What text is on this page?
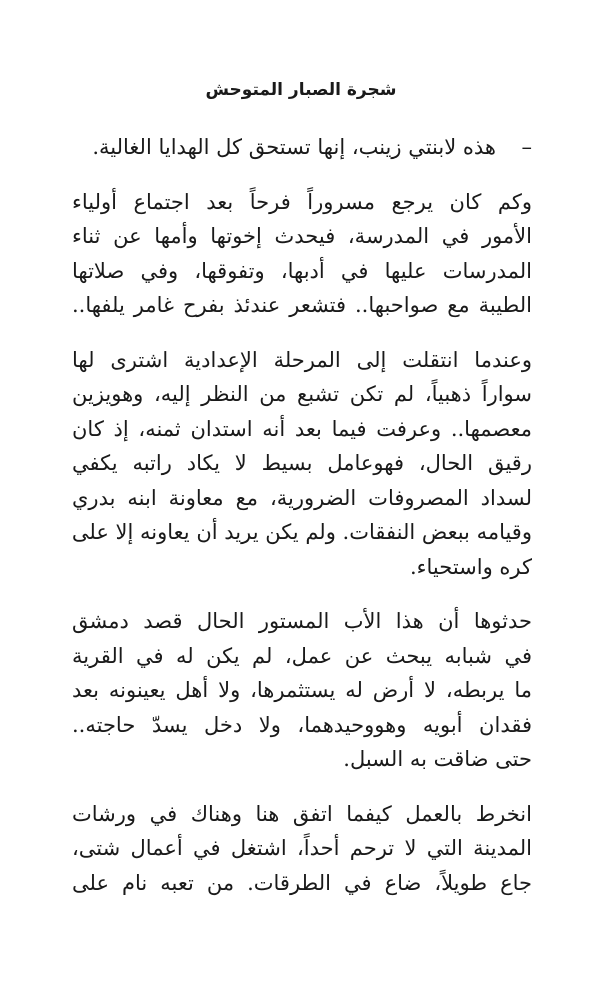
شجرة الصبار المتوحش
–هذه لابنتي زينب، إنها تستحق كل الهدايا الغالية.
وكم كان يرجع مسروراً فرحاً بعد اجتماع أولياء
الأمور في المدرسة، فيحدث إخوتها وأمها عن ثناء
المدرسات عليها في أدبها، وتفوقها، وفي صلاتها
الطيبة مع صواحبها.. فتشعر عندئذ بفرح غامر يلفها..
وعندما انتقلت إلى المرحلة الإعدادية اشترى لها
سواراً ذهبياً، لم تكن تشبع من النظر إليه، وهويزين
معصمها.. وعرفت فيما بعد أنه استدان ثمنه، إذ كان
رقيق الحال، فهوعامل بسيط لا يكاد راتبه يكفي
لسداد المصروفات الضرورية، مع معاونة ابنه بدري
وقيامه ببعض النفقات. ولم يكن يريد أن يعاونه إلا على
كره واستحياء.
حدثوها أن هذا الأب المستور الحال قصد دمشق
في شبابه يبحث عن عمل، لم يكن له في القرية
ما يربطه، لا أرض له يستثمرها، ولا أهل يعينونه بعد
فقدان أبويه وهووحيدهما، ولا دخل يسدّ حاجته..
حتى ضاقت به السبل.
انخرط بالعمل كيفما اتفق هنا وهناك في ورشات
المدينة التي لا ترحم أحداً، اشتغل في أعمال شتى،
جاع طويلاً، ضاع في الطرقات. من تعبه نام على
